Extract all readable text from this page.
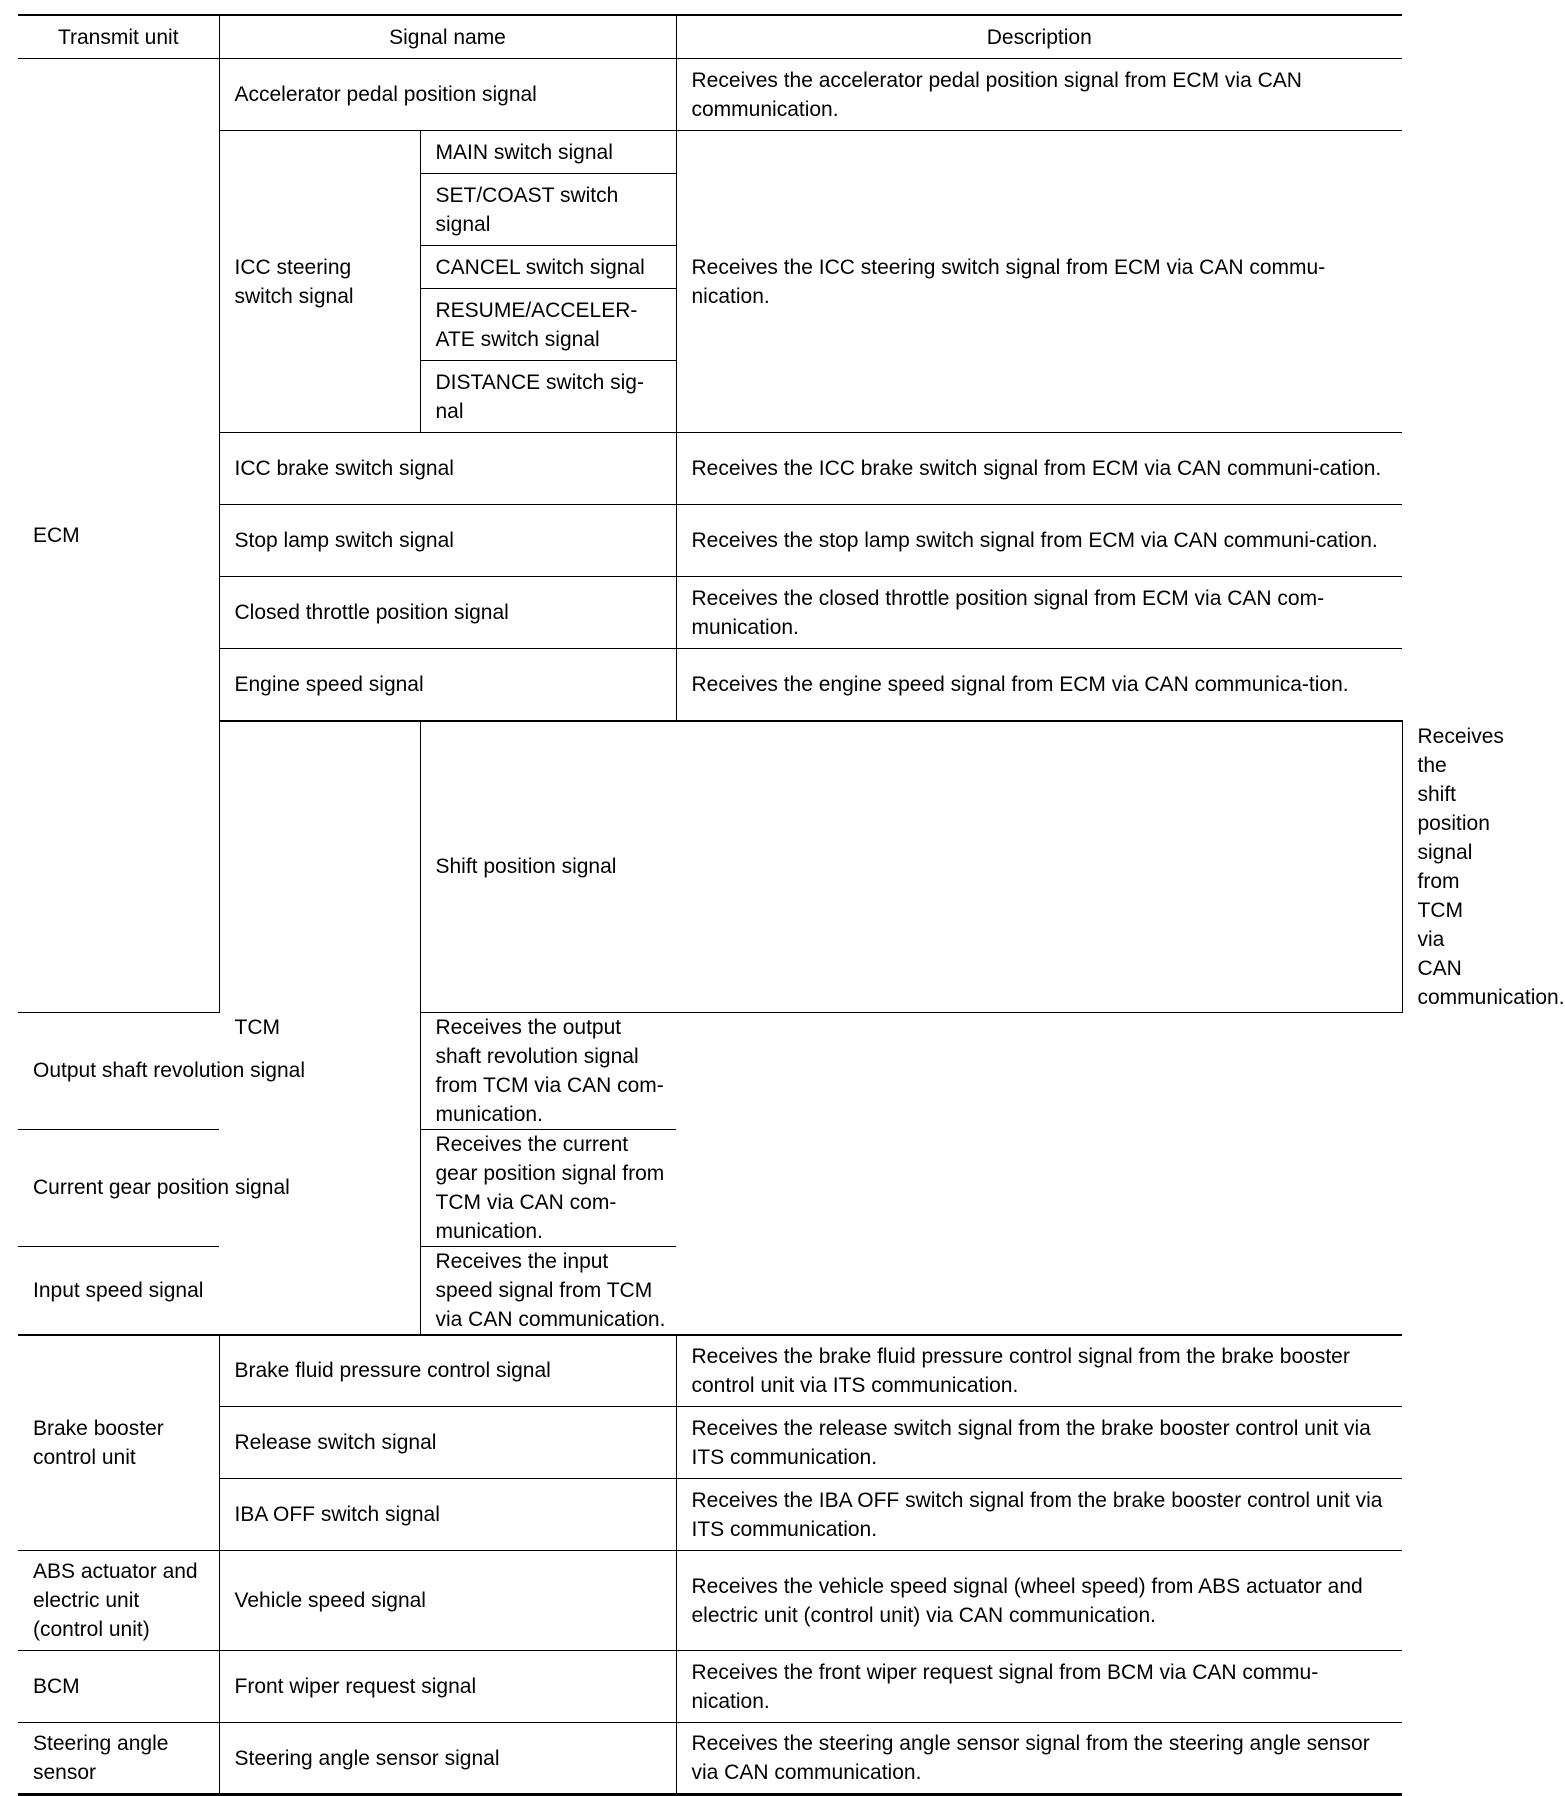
Transmit unit	Signal name		Description	
ECM	Accelerator pedal position signal		Receives the accelerator pedal position signal from ECM via CAN communication.	
	ICC steering switch signal	MAIN switch signal	Receives the ICC steering switch signal from ECM via CAN commu-nication.	
		SET/COAST switch signal		
		CANCEL switch signal		
		RESUME/ACCELER-ATE switch signal		
		DISTANCE switch sig-nal		
	ICC brake switch signal		Receives the ICC brake switch signal from ECM via CAN communi-cation.	
	Stop lamp switch signal		Receives the stop lamp switch signal from ECM via CAN communi-cation.	
	Closed throttle position signal		Receives the closed throttle position signal from ECM via CAN com-munication.	
	Engine speed signal		Receives the engine speed signal from ECM via CAN communica-tion.	
	TCM	Shift position signal		Receives the shift position signal from TCM via CAN communication.
Output shaft revolution signal		Receives the output shaft revolution signal from TCM via CAN com-munication.		
Current gear position signal		Receives the current gear position signal from TCM via CAN com-munication.		
Input speed signal		Receives the input speed signal from TCM via CAN communication.		
Brake booster control unit	Brake fluid pressure control signal		Receives the brake fluid pressure control signal from the brake booster control unit via ITS communication.	
	Release switch signal		Receives the release switch signal from the brake booster control unit via ITS communication.	
	IBA OFF switch signal		Receives the IBA OFF switch signal from the brake booster control unit via ITS communication.	
ABS actuator and electric unit (control unit)	Vehicle speed signal		Receives the vehicle speed signal (wheel speed) from ABS actuator and electric unit (control unit) via CAN communication.	
BCM	Front wiper request signal		Receives the front wiper request signal from BCM via CAN commu-nication.	
Steering angle sensor	Steering angle sensor signal		Receives the steering angle sensor signal from the steering angle sensor via CAN communication.	
